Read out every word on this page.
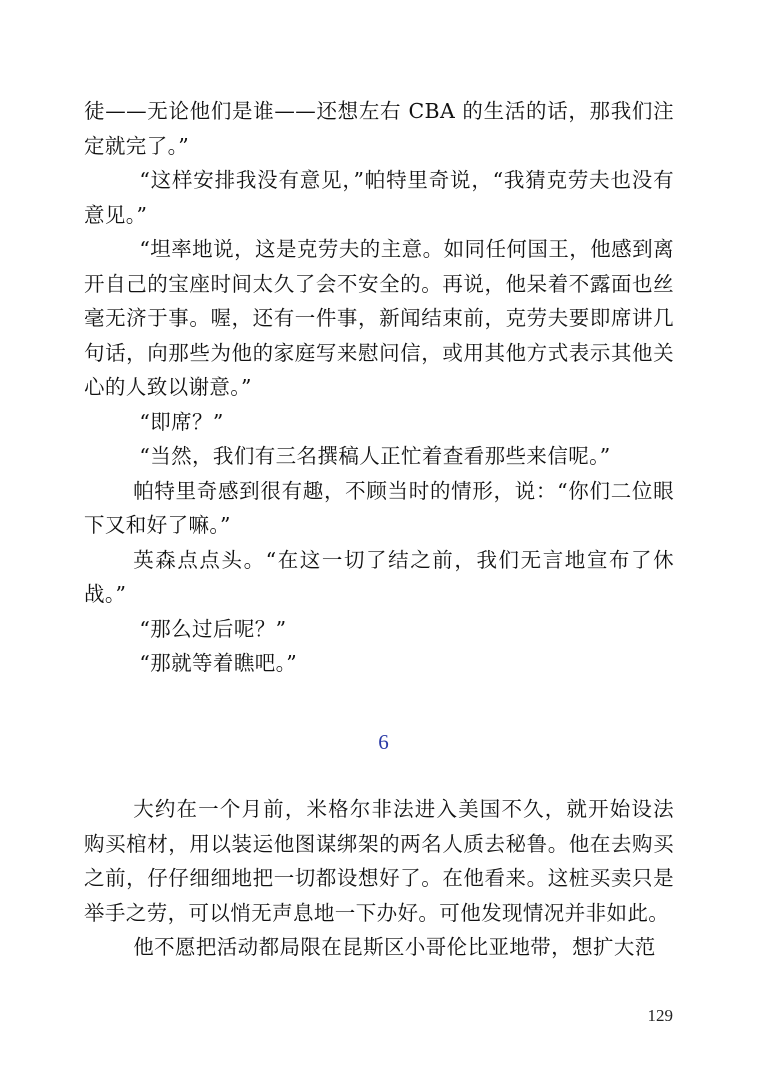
徒——无论他们是谁——还想左右 CBA 的生活的话，那我们注定就完了。”

“这样安排我没有意见，”帕特里奇说，“我猜克劳夫也没有意见。”

“坦率地说，这是克劳夫的主意。如同任何国王，他感到离开自己的宝座时间太久了会不安全的。再说，他呆着不露面也丝毫无济于事。喔，还有一件事，新闻结束前，克劳夫要即席讲几句话，向那些为他的家庭写来慰问信，或用其他方式表示其他关心的人致以谢意。”

“即席？”

“当然，我们有三名撰稿人正忙着查看那些来信呢。”

帕特里奇感到很有趣，不顾当时的情形，说：“你们二位眼下又和好了嘛。”

英森点点头。“在这一切了结之前，我们无言地宣布了休战。”

“那么过后呢？”

“那就等着瞧吧。”

6

大约在一个月前，米格尔非法进入美国不久，就开始设法购买棺材，用以装运他图谋绑架的两名人质去秘鲁。他在去购买之前，仔仔细细地把一切都设想好了。在他看来。这桩买卖只是举手之劳，可以悄无声息地一下办好。可他发现情况并非如此。

他不愿把活动都局限在昆斯区小哥伦比亚地带，想扩大范

129
